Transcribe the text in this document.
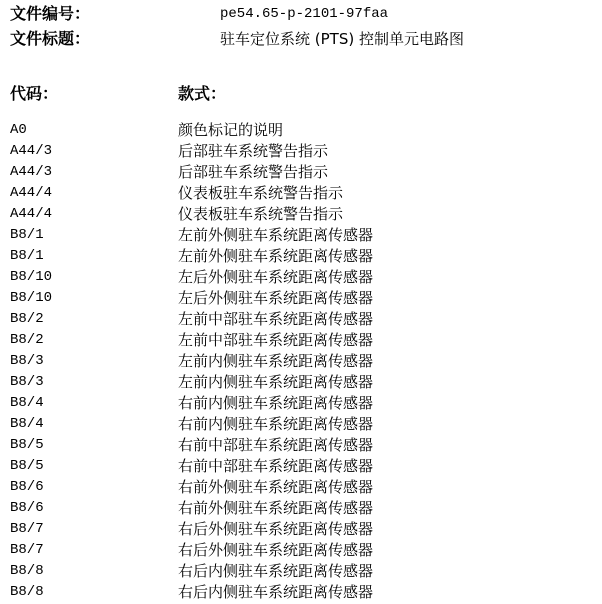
文件编号：	pe54.65-p-2101-97faa
文件标题：	驻车定位系统 (PTS) 控制单元电路图
代码：	款式：
A0	颜色标记的说明
A44/3	后部驻车系统警告指示
A44/3	后部驻车系统警告指示
A44/4	仪表板驻车系统警告指示
A44/4	仪表板驻车系统警告指示
B8/1	左前外侧驻车系统距离传感器
B8/1	左前外侧驻车系统距离传感器
B8/10	左后外侧驻车系统距离传感器
B8/10	左后外侧驻车系统距离传感器
B8/2	左前中部驻车系统距离传感器
B8/2	左前中部驻车系统距离传感器
B8/3	左前内侧驻车系统距离传感器
B8/3	左前内侧驻车系统距离传感器
B8/4	右前内侧驻车系统距离传感器
B8/4	右前内侧驻车系统距离传感器
B8/5	右前中部驻车系统距离传感器
B8/5	右前中部驻车系统距离传感器
B8/6	右前外侧驻车系统距离传感器
B8/6	右前外侧驻车系统距离传感器
B8/7	右后外侧驻车系统距离传感器
B8/7	右后外侧驻车系统距离传感器
B8/8	右后内侧驻车系统距离传感器
B8/8	右后内侧驻车系统距离传感器
